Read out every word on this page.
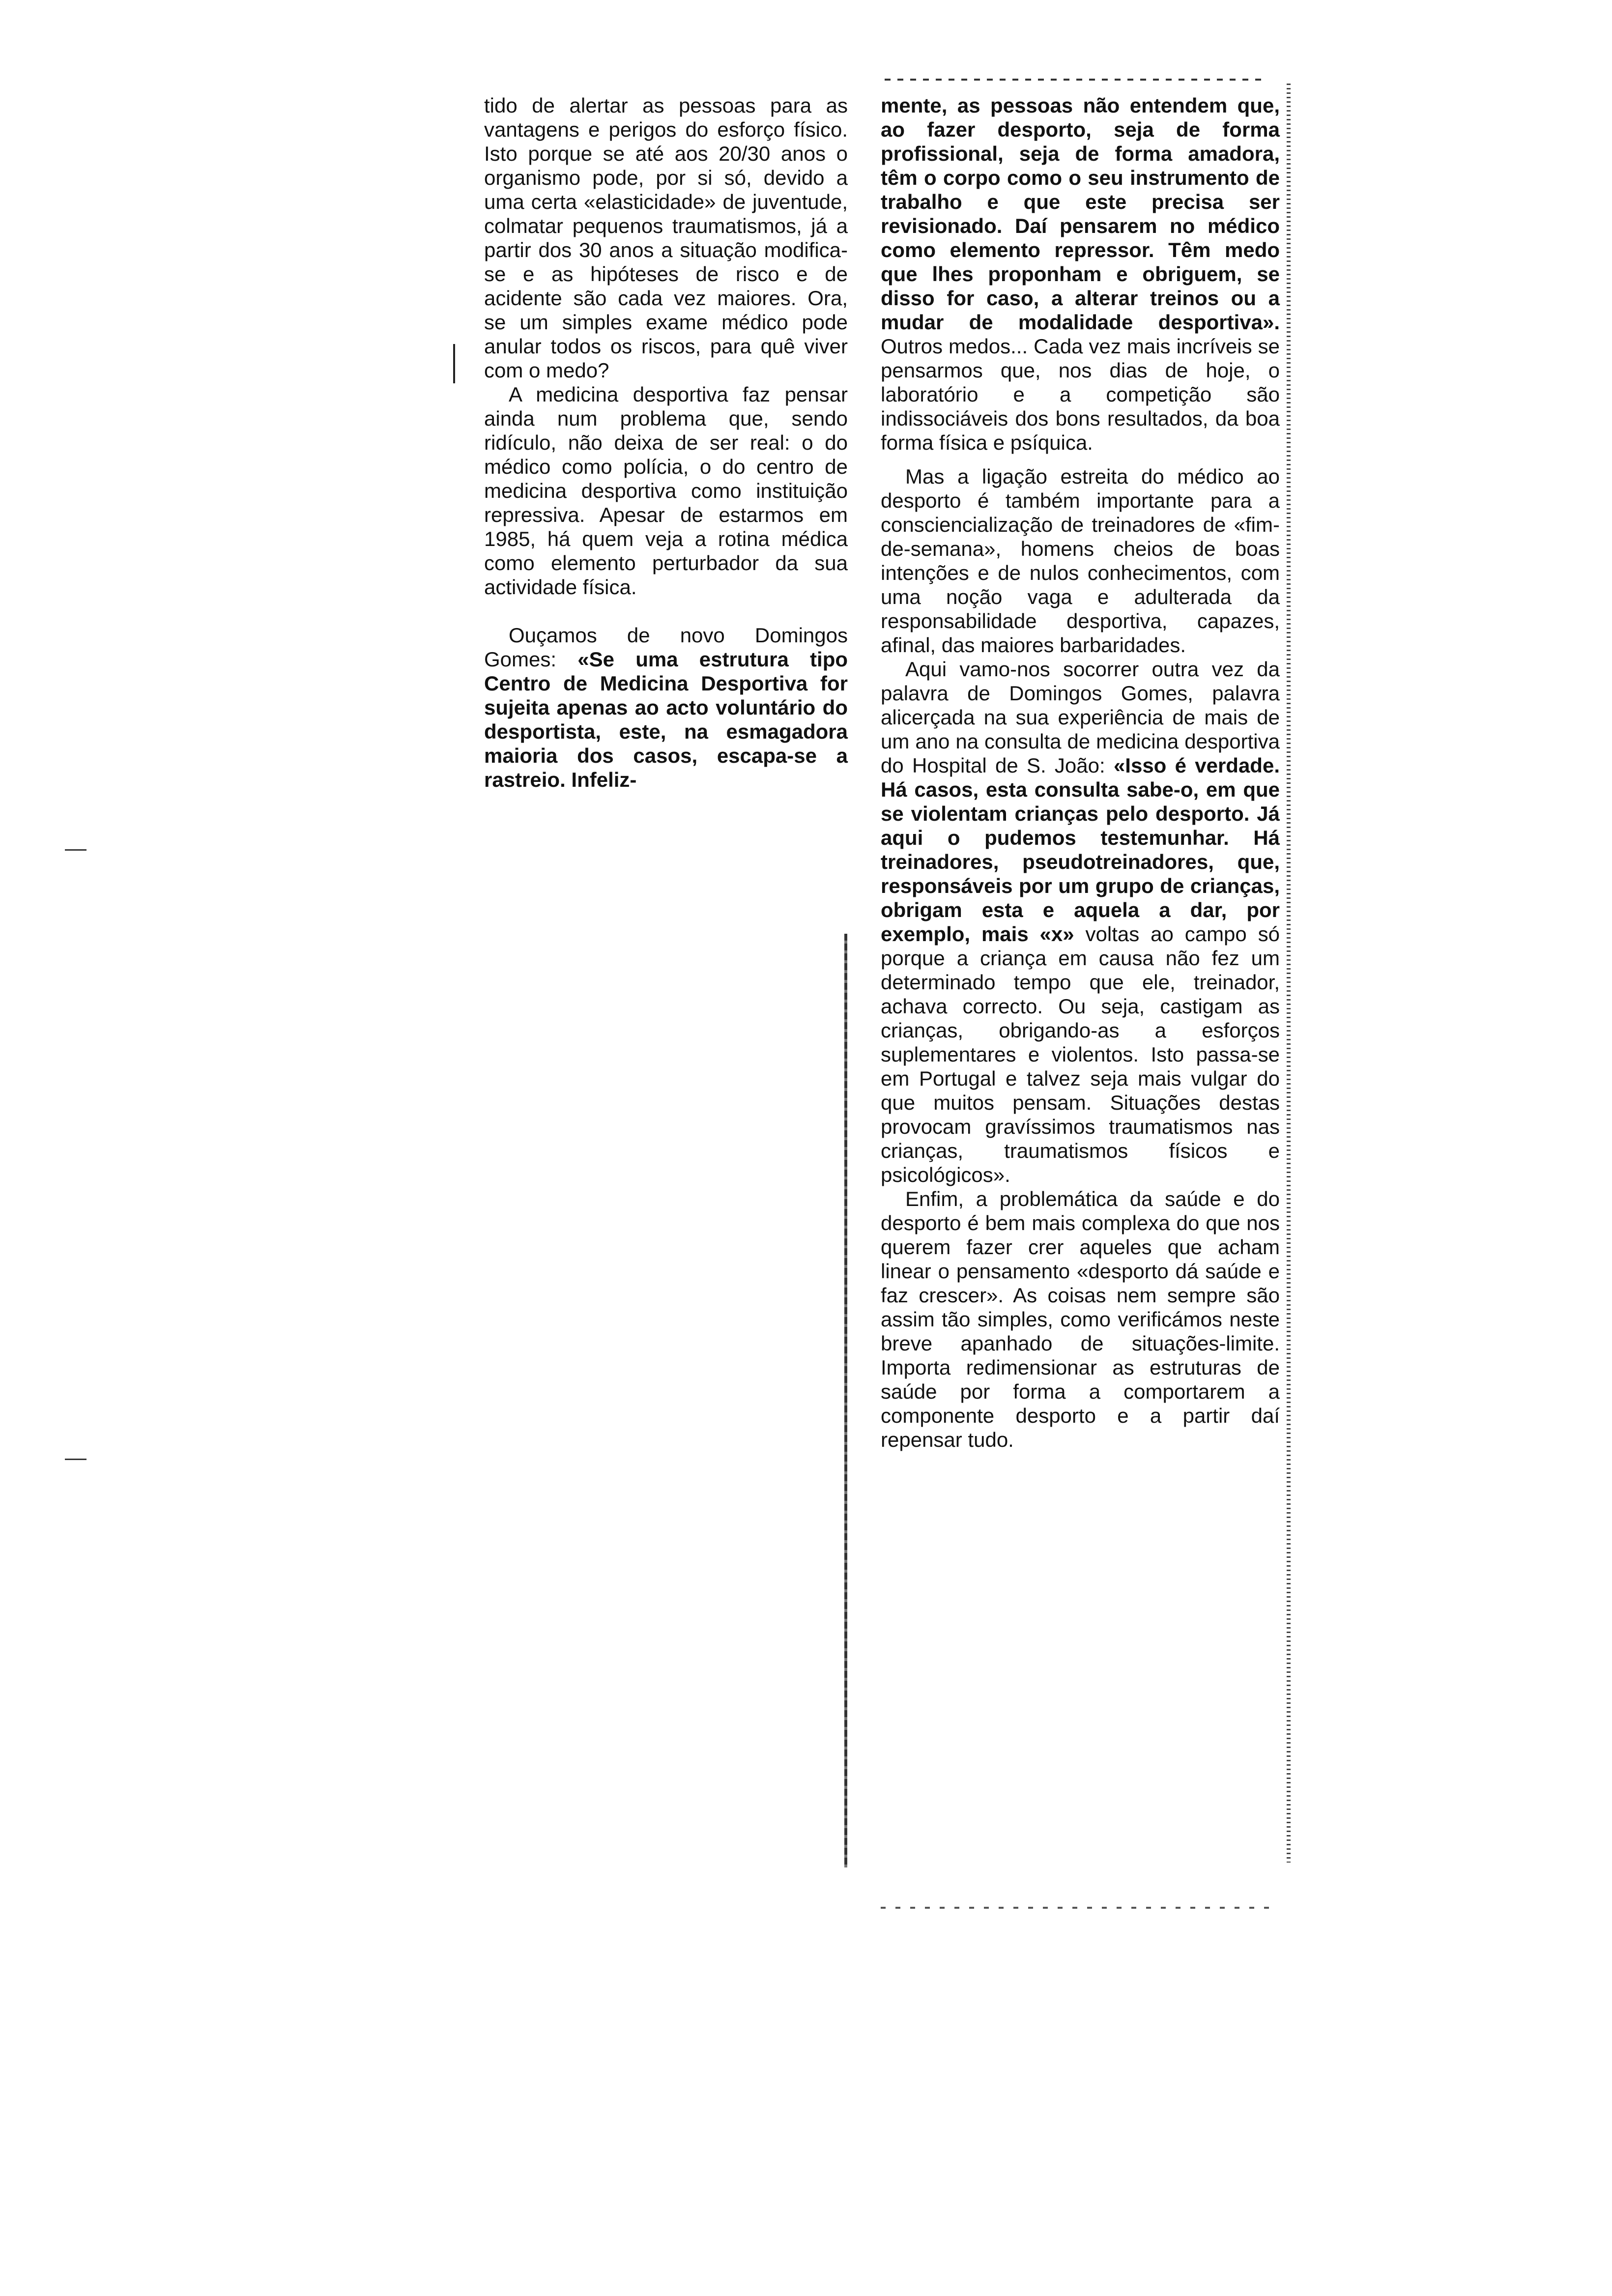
tido de alertar as pessoas para as vantagens e perigos do esforço físico. Isto porque se até aos 20/30 anos o organismo pode, por si só, devido a uma certa «elasticidade» de juventude, colmatar pequenos traumatismos, já a partir dos 30 anos a situação modifica-se e as hipóteses de risco e de acidente são cada vez maiores. Ora, se um simples exame médico pode anular todos os riscos, para quê viver com o medo?

A medicina desportiva faz pensar ainda num problema que, sendo ridículo, não deixa de ser real: o do médico como polícia, o do centro de medicina desportiva como instituição repressiva. Apesar de estarmos em 1985, há quem veja a rotina médica como elemento perturbador da sua actividade física.

Ouçamos de novo Domingos Gomes: «Se uma estrutura tipo Centro de Medicina Desportiva for sujeita apenas ao acto voluntário do desportista, este, na esmagadora maioria dos casos, escapa-se a rastreio. Infeliz-

mente, as pessoas não entendem que, ao fazer desporto, seja de forma profissional, seja de forma amadora, têm o corpo como o seu instrumento de trabalho e que este precisa ser revisionado. Daí pensarem no médico como elemento repressor. Têm medo que lhes proponham e obriguem, se disso for caso, a alterar treinos ou a mudar de modalidade desportiva». Outros medos... Cada vez mais incríveis se pensarmos que, nos dias de hoje, o laboratório e a competição são indissociáveis dos bons resultados, da boa forma física e psíquica.

Mas a ligação estreita do médico ao desporto é também importante para a consciencialização de treinadores de «fim-de-semana», homens cheios de boas intenções e de nulos conhecimentos, com uma noção vaga e adulterada da responsabilidade desportiva, capazes, afinal, das maiores barbaridades.

Aqui vamo-nos socorrer outra vez da palavra de Domingos Gomes, palavra alicerçada na sua experiência de mais de um ano na consulta de medicina desportiva do Hospital de S. João: «Isso é verdade. Há casos, esta consulta sabe-o, em que se violentam crianças pelo desporto. Já aqui o pudemos testemunhar. Há treinadores, pseudotreinadores, que, responsáveis por um grupo de crianças, obrigam esta e aquela a dar, por exemplo, mais «x» voltas ao campo só porque a criança em causa não fez um determinado tempo que ele, treinador, achava correcto. Ou seja, castigam as crianças, obrigando-as a esforços suplementares e violentos. Isto passa-se em Portugal e talvez seja mais vulgar do que muitos pensam. Situações destas provocam gravíssimos traumatismos nas crianças, traumatismos físicos e psicológicos».

Enfim, a problemática da saúde e do desporto é bem mais complexa do que nos querem fazer crer aqueles que acham linear o pensamento «desporto dá saúde e faz crescer». As coisas nem sempre são assim tão simples, como verificámos neste breve apanhado de situações-limite. Importa redimensionar as estruturas de saúde por forma a comportarem a componente desporto e a partir daí repensar tudo.
